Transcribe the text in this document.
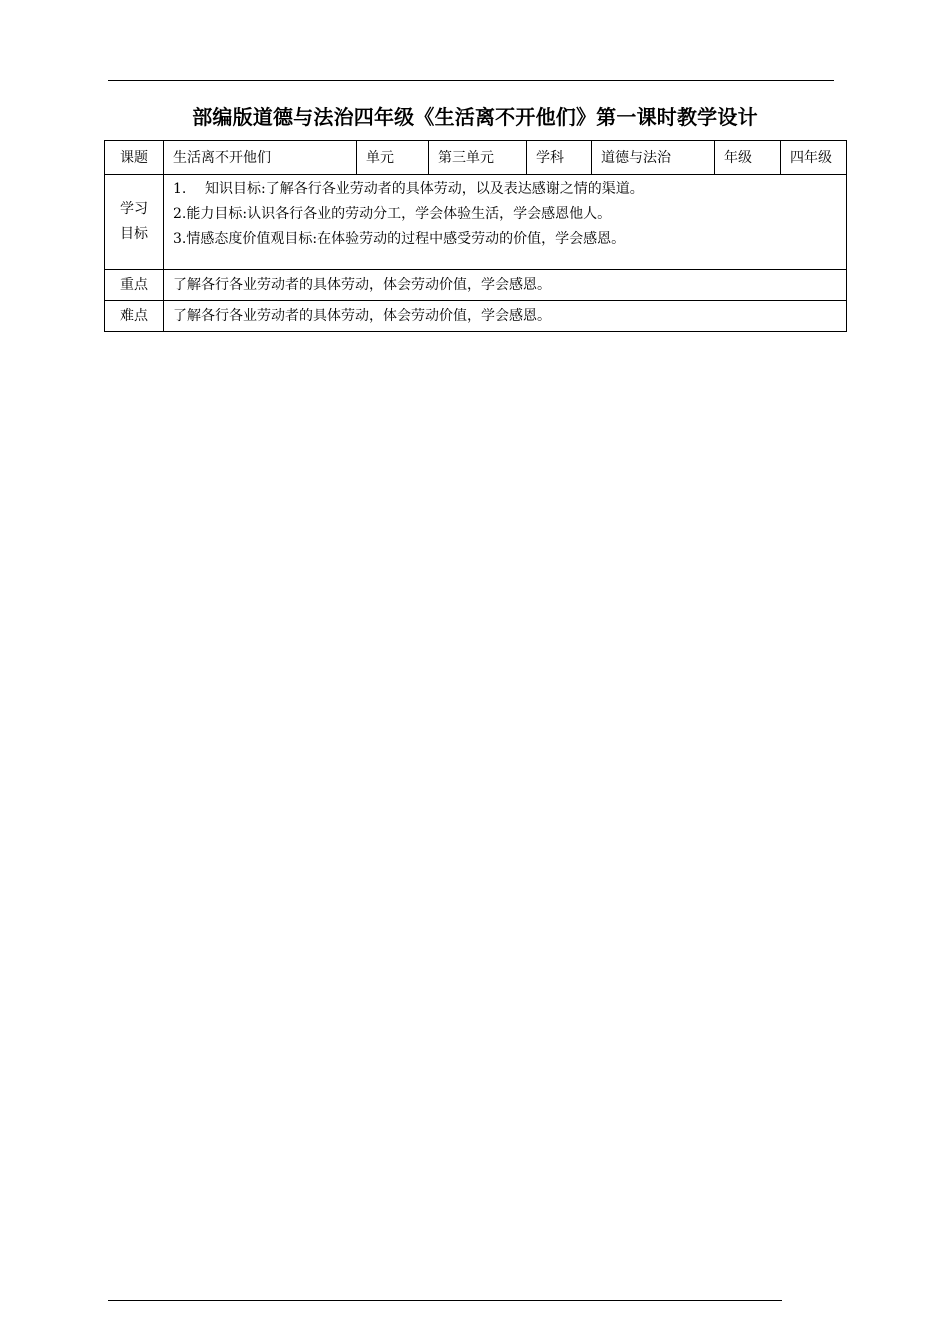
部编版道德与法治四年级《生活离不开他们》第一课时教学设计
课题	生活离不开他们	单元	第三单元	学科	道德与法治	年级	四年级

学习
目标	1. 知识目标:了解各行各业劳动者的具体劳动，以及表达感谢之情的渠道。
2.能力目标:认识各行各业的劳动分工，学会体验生活，学会感恩他人。
3.情感态度价值观目标:在体验劳动的过程中感受劳动的价值，学会感恩。						

重点	了解各行各业劳动者的具体劳动，体会劳动价值，学会感恩。						
难点	了解各行各业劳动者的具体劳动，体会劳动价值，学会感恩。						
